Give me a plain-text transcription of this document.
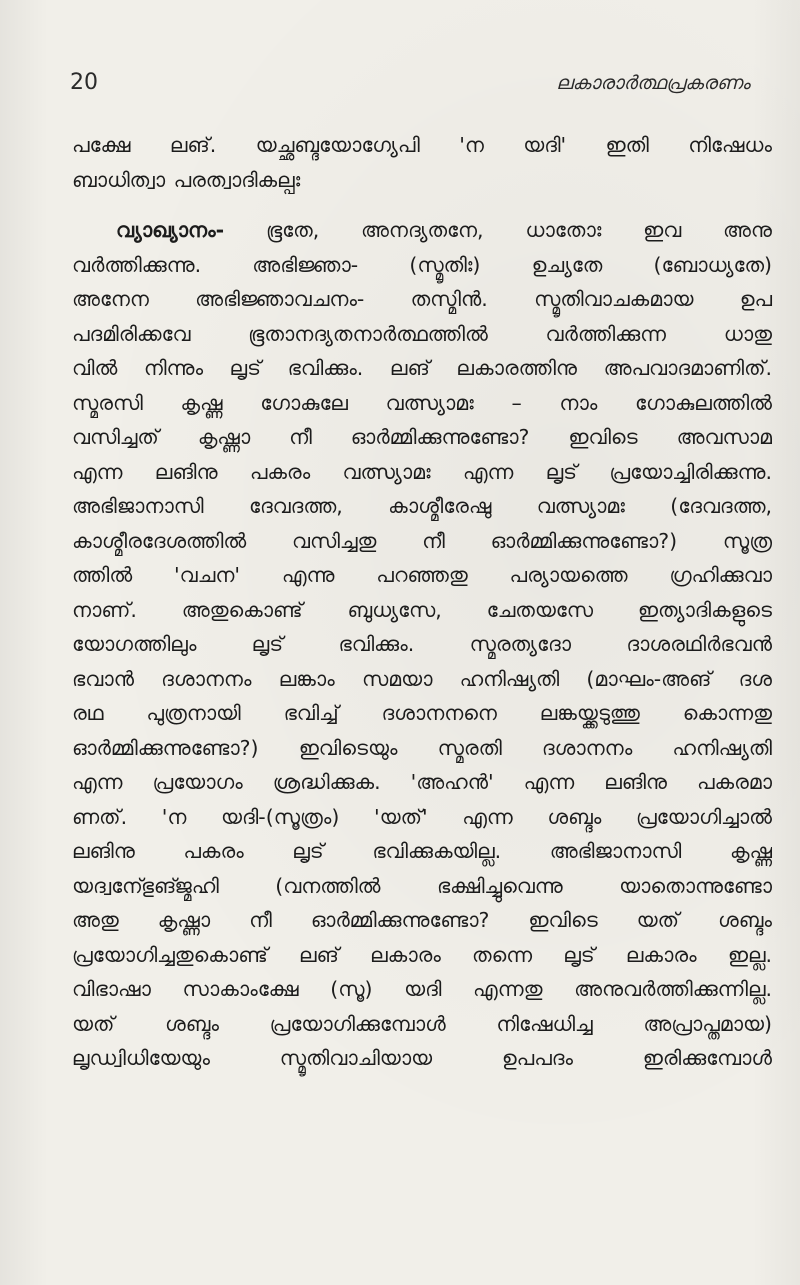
20	ലകാരാർത്ഥപ്രകരണം
പക്ഷേ ലങ്. യച്ഛബ്ദയോഗ്യേപി 'ന യദി' ഇതി നിഷേധം
ബാധിത്വാ പരത്വാദികല്പഃ
വ്യാഖ്യാനം- ഭൂതേ, അനദ്യതനേ, ധാതോഃ ഇവ അനു
വർത്തിക്കുന്നു. അഭിജ്ഞാ- (സ്മൃതിഃ) ഉച്യതേ (ബോധ്യതേ)
അനേന അഭിജ്ഞാവചനം- തസ്മിൻ. സ്മൃതിവാചകമായ ഉപ
പദമിരിക്കവേ ഭൂതാനദ്യതനാർത്ഥത്തിൽ വർത്തിക്കുന്ന ധാതു
വിൽ നിന്നും ലൃട് ഭവിക്കും. ലങ് ലകാരത്തിനു അപവാദമാണിത്.
സ്മരസി കൃഷ്ണ ഗോകുലേ വത്സ്യാമഃ – നാം ഗോകുലത്തിൽ
വസിച്ചത് കൃഷ്ണാ നീ ഓർമ്മിക്കുന്നുണ്ടോ? ഇവിടെ അവസാമ
എന്ന ലങിനു പകരം വത്സ്യാമഃ എന്ന ലൃട് പ്രയോച്ചിരിക്കുന്നു.
അഭിജാനാസി ദേവദത്ത, കാശ്മീരേഷു വത്സ്യാമഃ (ദേവദത്ത,
കാശ്മീരദേശത്തിൽ വസിച്ചതു നീ ഓർമ്മിക്കുന്നുണ്ടോ?) സൂത്ര
ത്തിൽ 'വചന' എന്നു പറഞ്ഞതു പര്യായത്തെ ഗ്രഹിക്കുവാ
നാണ്. അതുകൊണ്ട് ബുധ്യസേ, ചേതയസേ ഇത്യാദികളുടെ
യോഗത്തിലും ലൃട് ഭവിക്കും. സ്മരത്യദോ ദാശരഥിർഭവൻ
ഭവാൻ ദശാനനം ലങ്കാം സമയാ ഹനിഷ്യതി (മാഘം-അങ് ദശ
രഥ പുത്രനായി ഭവിച്ച് ദശാനനനെ ലങ്കയ്ക്കടുത്തു കൊന്നതു
ഓർമ്മിക്കുന്നുണ്ടോ?) ഇവിടെയും സ്മരതി ദശാനനം ഹനിഷ്യതി
എന്ന പ്രയോഗം ശ്രദ്ധിക്കുക. 'അഹൻ' എന്ന ലങിനു പകരമാ
ണത്. 'ന യദി-(സൂത്രം) 'യത്' എന്ന ശബ്ദം പ്രയോഗിച്ചാൽ
ലങിനു പകരം ലൃട് ഭവിക്കുകയില്ല. അഭിജാനാസി കൃഷ്ണ
യദ്വനേ്ഭുങ്ജ്മഹി (വനത്തിൽ ഭക്ഷിച്ചുവെന്നു യാതൊന്നുണ്ടോ
അതു കൃഷ്ണാ നീ ഓർമ്മിക്കുന്നുണ്ടോ? ഇവിടെ യത് ശബ്ദം
പ്രയോഗിച്ചതുകൊണ്ട് ലങ് ലകാരം തന്നെ ലൃട് ലകാരം ഇല്ല.
വിഭാഷാ സാകാംക്ഷേ (സൂ) യദി എന്നതു അനുവർത്തിക്കുന്നില്ല.
യത് ശബ്ദം പ്രയോഗിക്കുമ്പോൾ നിഷേധിച്ച അപ്രാപ്തമായ)
ലൃഡ്വിധിയേയും സ്മൃതിവാചിയായ ഉപപദം ഇരിക്കുമ്പോൾ
